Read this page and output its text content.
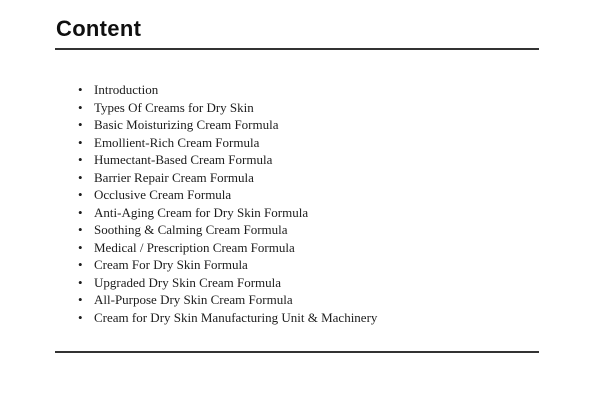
Content
• Introduction
• Types Of Creams for Dry Skin
• Basic Moisturizing Cream Formula
• Emollient-Rich Cream Formula
• Humectant-Based Cream Formula
• Barrier Repair Cream Formula
• Occlusive Cream Formula
• Anti-Aging Cream for Dry Skin Formula
• Soothing & Calming Cream Formula
• Medical / Prescription Cream Formula
• Cream For Dry Skin Formula
• Upgraded Dry Skin Cream Formula
• All-Purpose Dry Skin Cream Formula
• Cream for Dry Skin Manufacturing Unit & Machinery
